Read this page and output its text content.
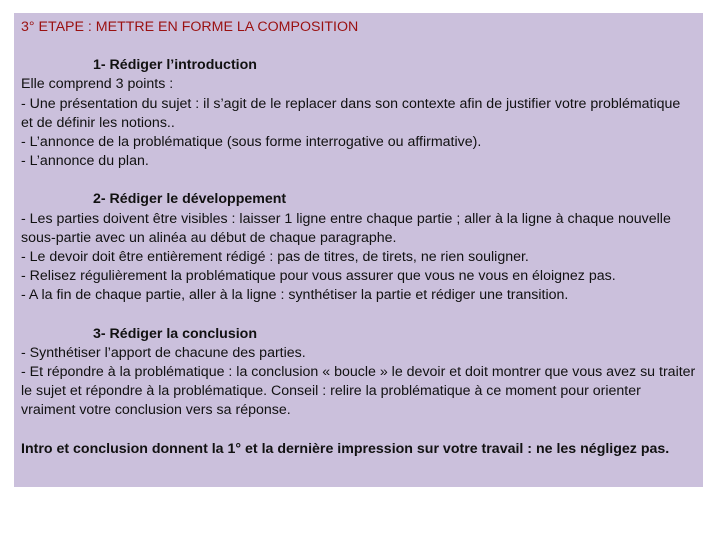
3° ETAPE : METTRE EN FORME LA COMPOSITION

1- Rédiger l’introduction

Elle comprend 3 points :

- Une présentation du sujet : il s’agit de le replacer dans son contexte afin de justifier votre problématique et de définir les notions..

- L’annonce de la problématique (sous forme interrogative ou affirmative).

- L’annonce du plan.

2- Rédiger le développement

- Les parties doivent être visibles : laisser 1 ligne entre chaque partie ; aller à la ligne à chaque nouvelle sous-partie avec un alinéa au début de chaque paragraphe.

- Le devoir doit être entièrement rédigé : pas de titres, de tirets, ne rien souligner.

- Relisez régulièrement la problématique pour vous assurer que vous ne vous en éloignez pas.

- A la fin de chaque partie, aller à la ligne : synthétiser la partie et rédiger une transition.

3- Rédiger la conclusion

- Synthétiser l’apport de chacune des parties.

- Et répondre à la problématique : la conclusion « boucle » le devoir et doit montrer que vous avez su traiter le sujet et répondre à la problématique. Conseil : relire la problématique à ce moment pour orienter vraiment votre conclusion vers sa réponse.

Intro et conclusion donnent la 1° et la dernière impression sur votre travail : ne les négligez pas.
